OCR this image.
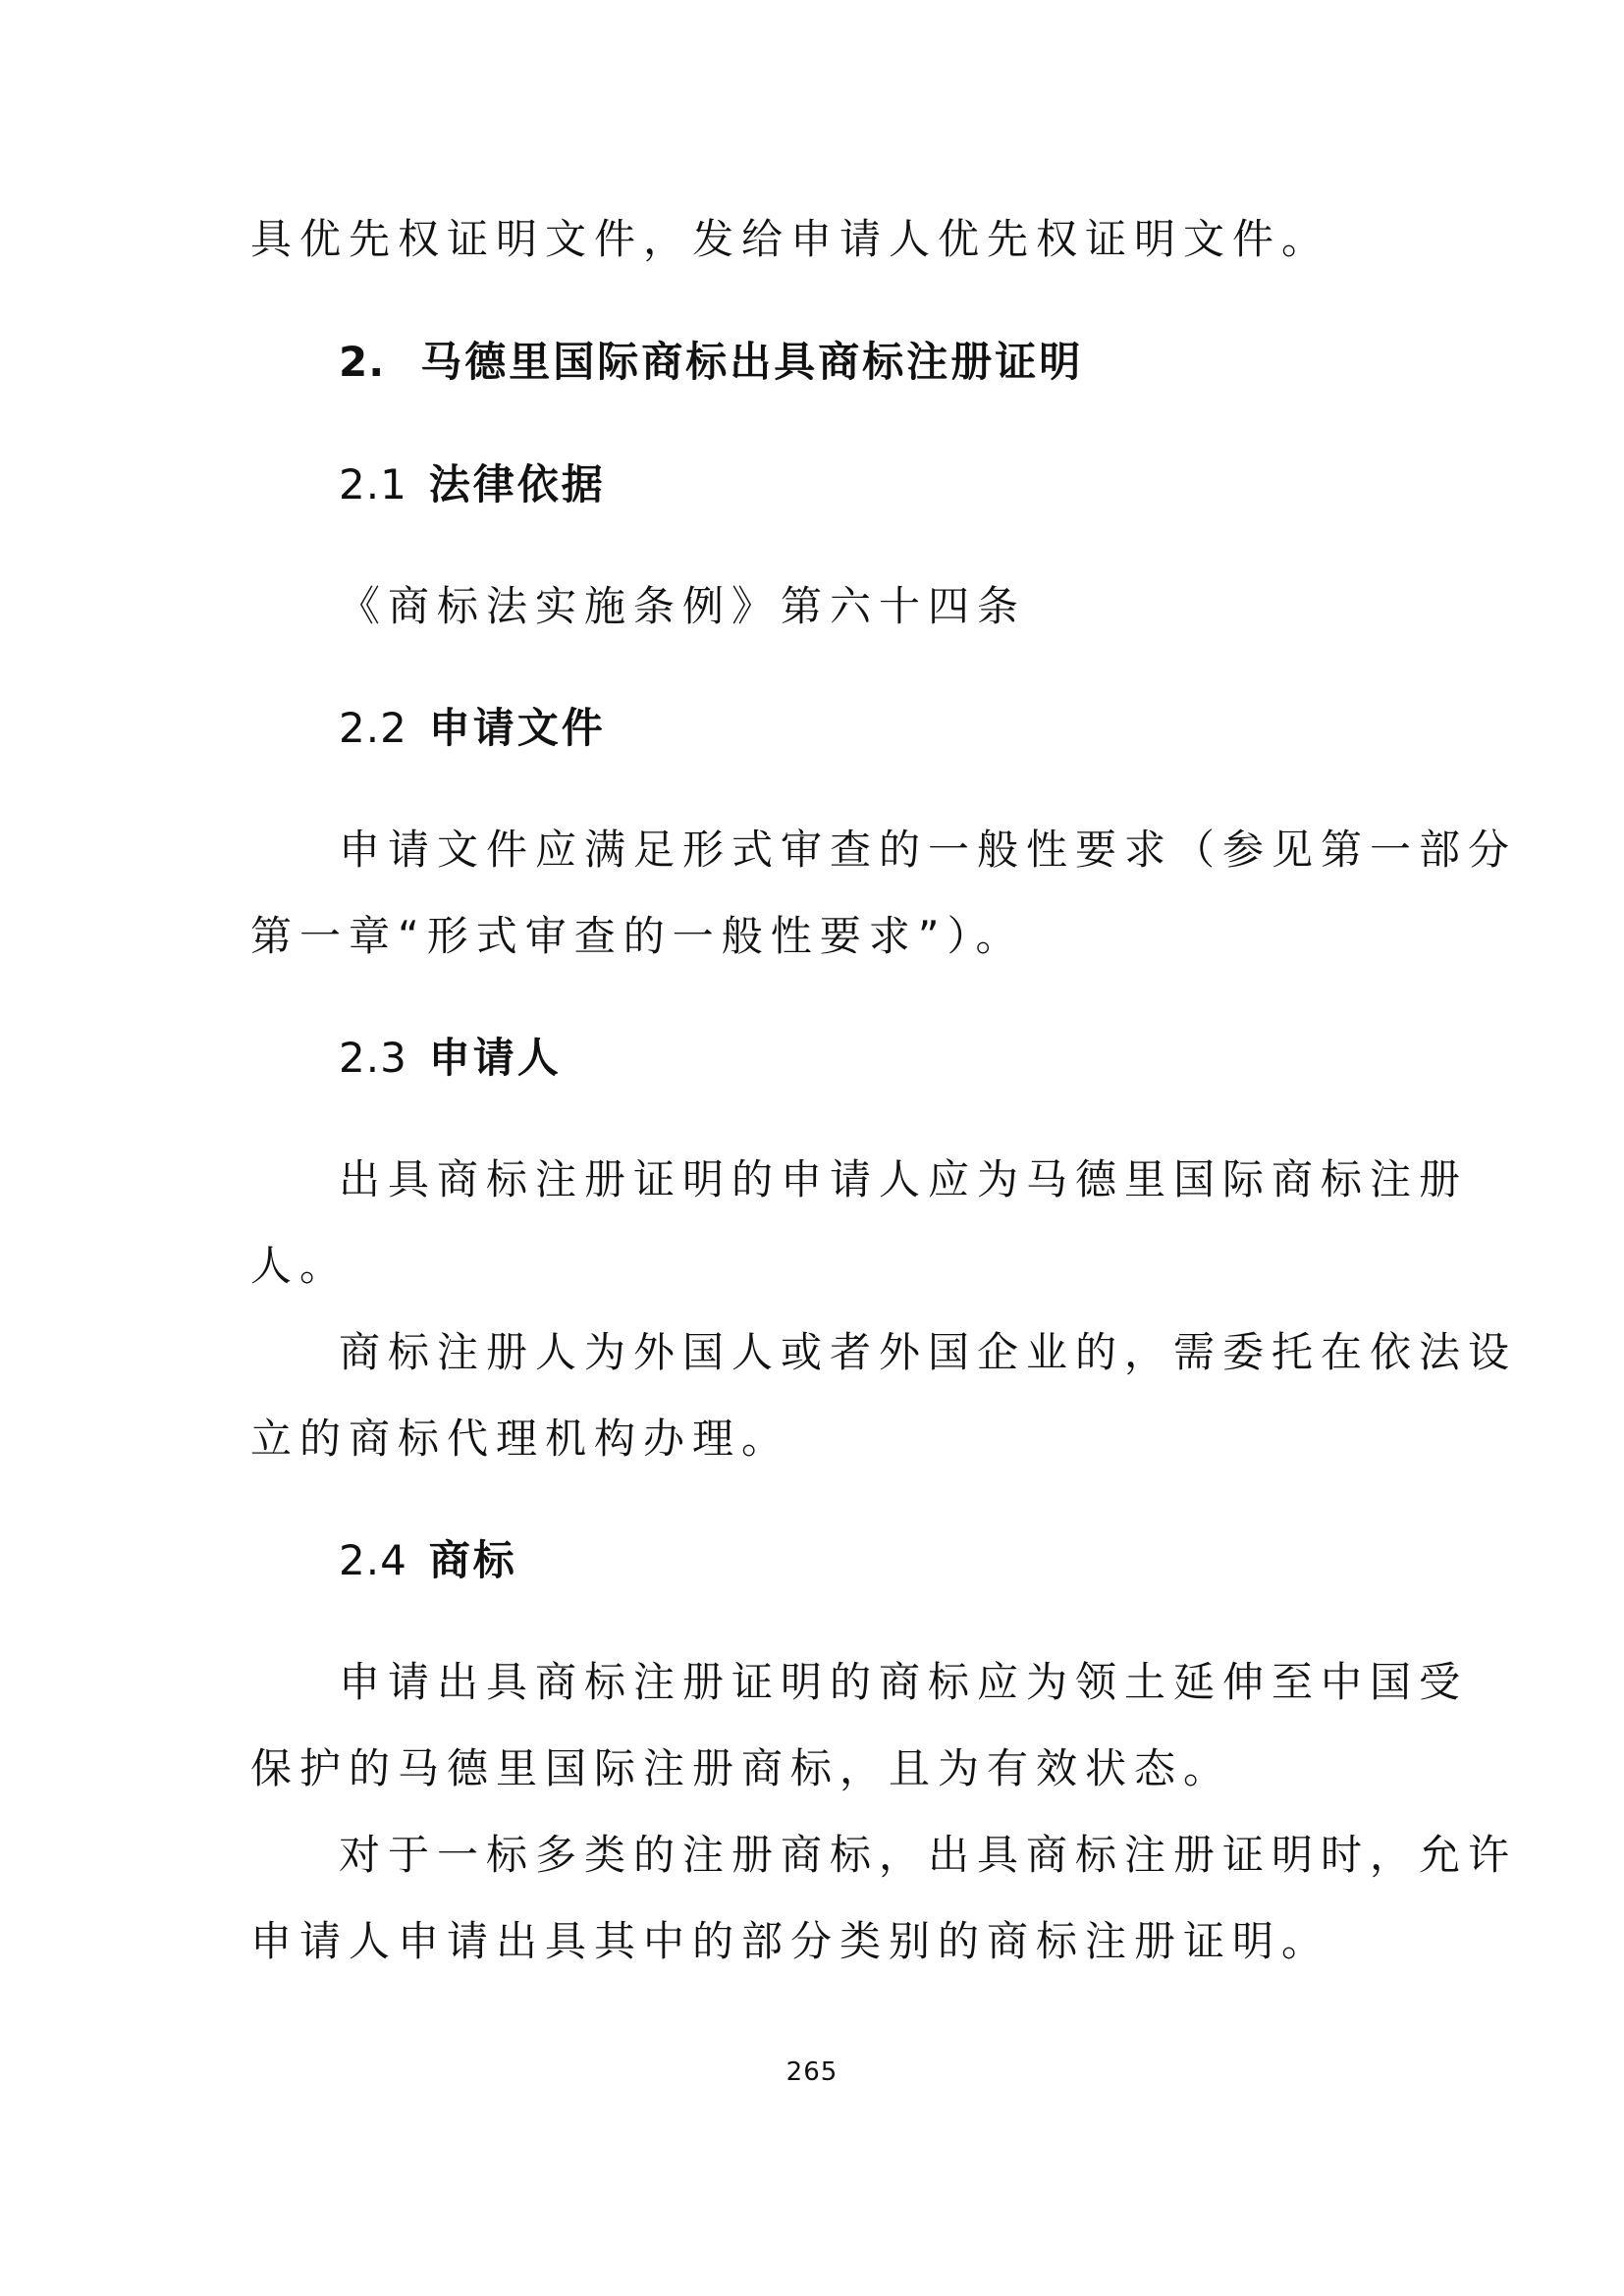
具优先权证明文件，发给申请人优先权证明文件。

2. 马德里国际商标出具商标注册证明

2.1 法律依据

《商标法实施条例》第六十四条

2.2 申请文件

申请文件应满足形式审查的一般性要求（参见第一部分

第一章“形式审查的一般性要求”）。

2.3 申请人

出具商标注册证明的申请人应为马德里国际商标注册

人。

商标注册人为外国人或者外国企业的，需委托在依法设

立的商标代理机构办理。

2.4 商标

申请出具商标注册证明的商标应为领土延伸至中国受

保护的马德里国际注册商标，且为有效状态。

对于一标多类的注册商标，出具商标注册证明时，允许

申请人申请出具其中的部分类别的商标注册证明。

265
